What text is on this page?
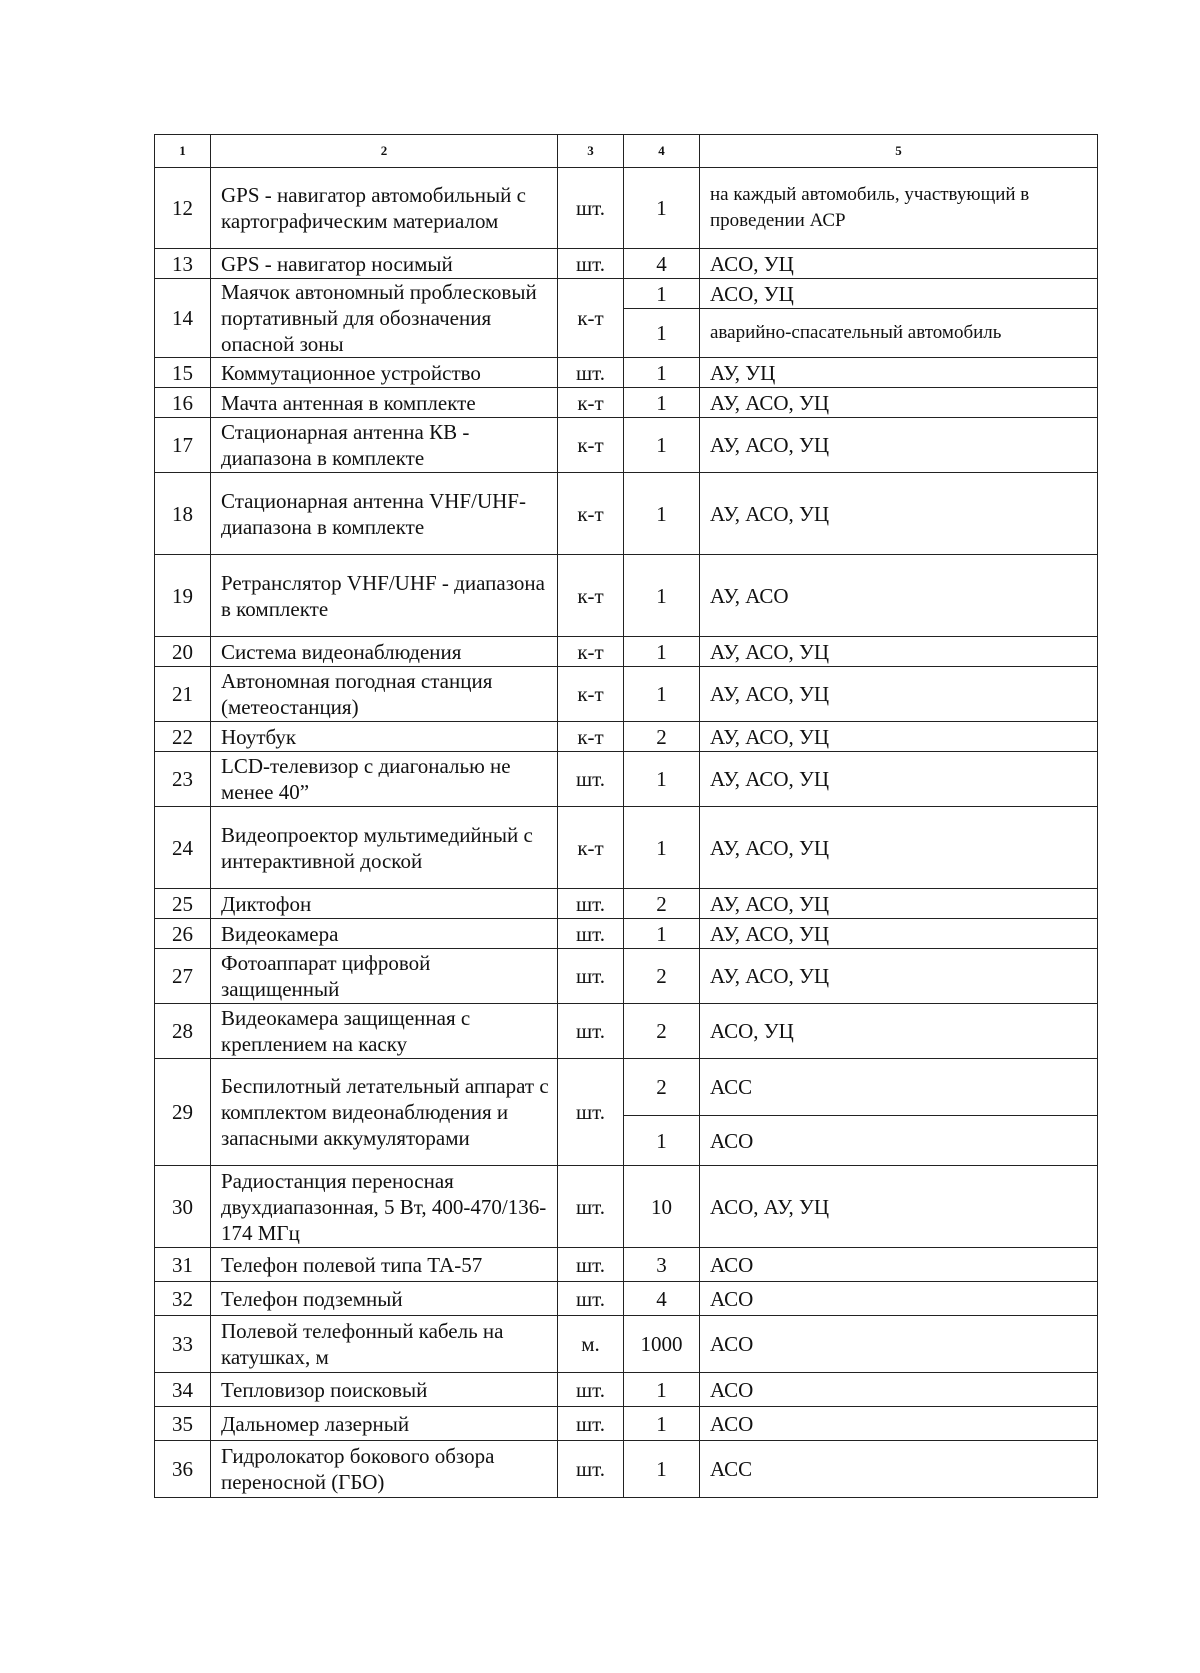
1	2	3	4	5
12	GPS - навигатор автомобильный с картографическим материалом	шт.	1	на каждый автомобиль, участвующий в проведении АСР
13	GPS - навигатор носимый	шт.	4	АСО, УЦ
14	Маячок автономный проблесковый портативный для обозначения опасной зоны	к-т	1	АСО, УЦ
			1	аварийно-спасательный автомобиль
15	Коммутационное устройство	шт.	1	АУ, УЦ
16	Мачта антенная в комплекте	к-т	1	АУ, АСО, УЦ
17	Стационарная антенна КВ - диапазона в комплекте	к-т	1	АУ, АСО, УЦ
18	Стационарная антенна VHF/UHF- диапазона в комплекте	к-т	1	АУ, АСО, УЦ
19	Ретранслятор VHF/UHF - диапазона в комплекте	к-т	1	АУ, АСО
20	Система видеонаблюдения	к-т	1	АУ, АСО, УЦ
21	Автономная погодная станция (метеостанция)	к-т	1	АУ, АСО, УЦ
22	Ноутбук	к-т	2	АУ, АСО, УЦ
23	LCD-телевизор с диагональю не менее 40”	шт.	1	АУ, АСО, УЦ
24	Видеопроектор мультимедийный с интерактивной доской	к-т	1	АУ, АСО, УЦ
25	Диктофон	шт.	2	АУ, АСО, УЦ
26	Видеокамера	шт.	1	АУ, АСО, УЦ
27	Фотоаппарат цифровой защищенный	шт.	2	АУ, АСО, УЦ
28	Видеокамера защищенная с креплением на каску	шт.	2	АСО, УЦ
29	Беспилотный летательный аппарат с комплектом видеонаблюдения и запасными аккумуляторами	шт.	2	АСС
			1	АСО
30	Радиостанция переносная двухдиапазонная, 5 Вт, 400-470/136-174 МГц	шт.	10	АСО, АУ, УЦ
31	Телефон полевой типа ТА-57	шт.	3	АСО
32	Телефон подземный	шт.	4	АСО
33	Полевой телефонный кабель на катушках, м	м.	1000	АСО
34	Тепловизор поисковый	шт.	1	АСО
35	Дальномер лазерный	шт.	1	АСО
36	Гидролокатор бокового обзора переносной (ГБО)	шт.	1	АСС
